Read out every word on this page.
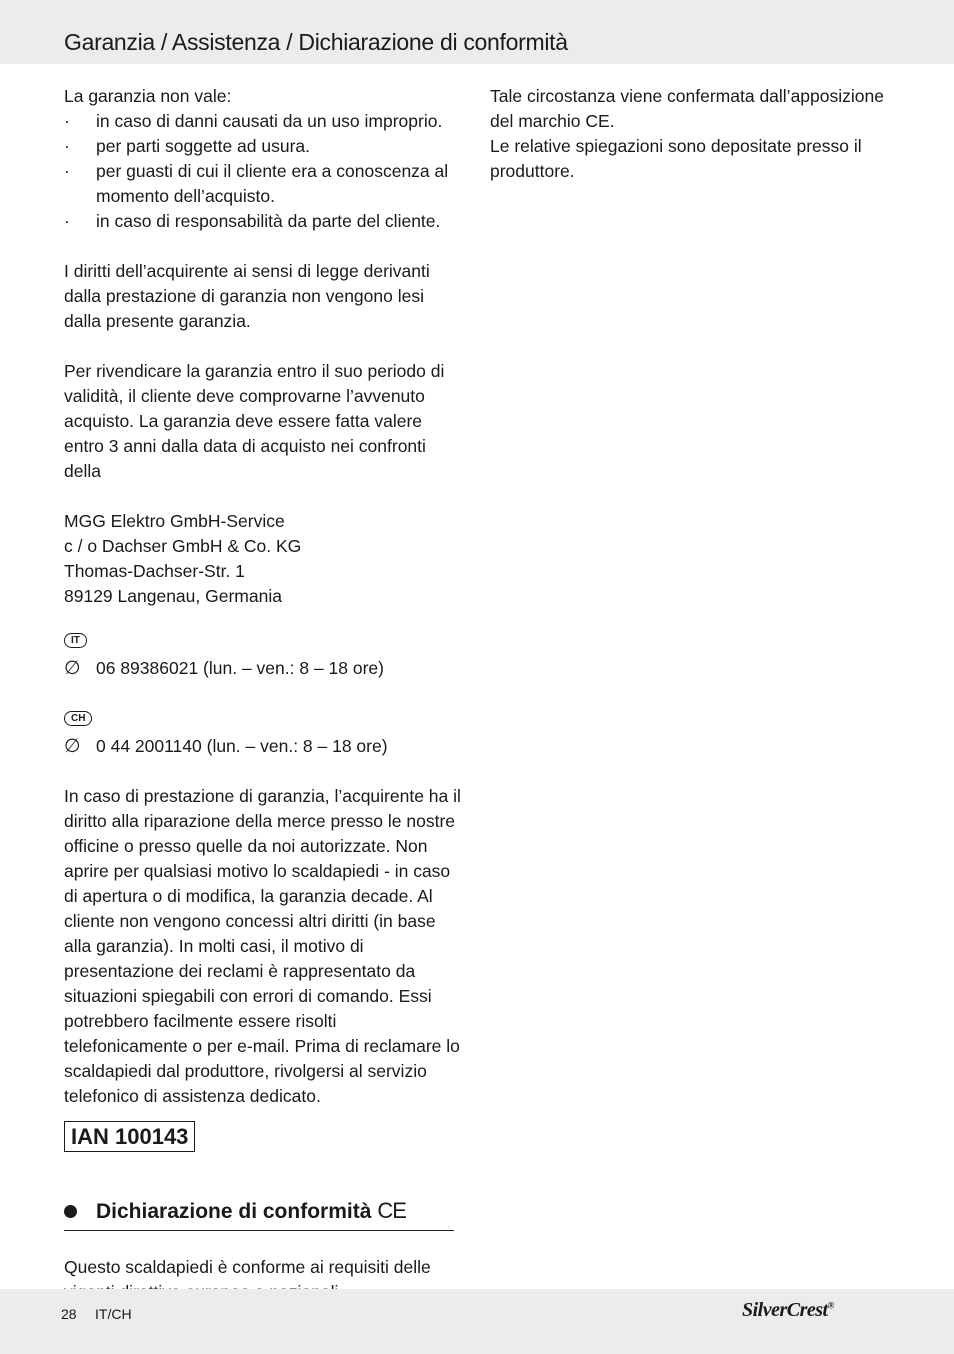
Garanzia / Assistenza / Dichiarazione di conformità

La garanzia non vale:

· in caso di danni causati da un uso improprio.
· per parti soggette ad usura.
· per guasti di cui il cliente era a conoscenza al momento dell’acquisto.
· in caso di responsabilità da parte del cliente.

I diritti dell’acquirente ai sensi di legge derivanti dalla prestazione di garanzia non vengono lesi dalla presente garanzia.

Per rivendicare la garanzia entro il suo periodo di validità, il cliente deve comprovarne l’avvenuto acquisto. La garanzia deve essere fatta valere entro 3 anni dalla data di acquisto nei confronti della

MGG Elektro GmbH-Service

c / o Dachser GmbH & Co. KG

Thomas-Dachser-Str. 1

89129 Langenau, Germania

IT
∅ 06 89386021 (lun. – ven.: 8 – 18 ore)
CH
∅ 0 44 2001140 (lun. – ven.: 8 – 18 ore)

In caso di prestazione di garanzia, l’acquirente ha il diritto alla riparazione della merce presso le nostre officine o presso quelle da noi autorizzate. Non aprire per qualsiasi motivo lo scaldapiedi - in caso di apertura o di modifica, la garanzia decade. Al cliente non vengono concessi altri diritti (in base alla garanzia). In molti casi, il motivo di presentazione dei reclami è rappresentato da situazioni spiegabili con errori di comando. Essi potrebbero facilmente essere risolti telefonicamente o per e-mail. Prima di reclamare lo scaldapiedi dal produttore, rivolgersi al servizio telefonico di assistenza dedicato.

IAN 100143
Dichiarazione di conformità CE

Questo scaldapiedi è conforme ai requisiti delle

Tale circostanza viene confermata dall’apposizione del marchio CE.

Le relative spiegazioni sono depositate presso il produttore.

28 IT/CH	SilverCrest®
